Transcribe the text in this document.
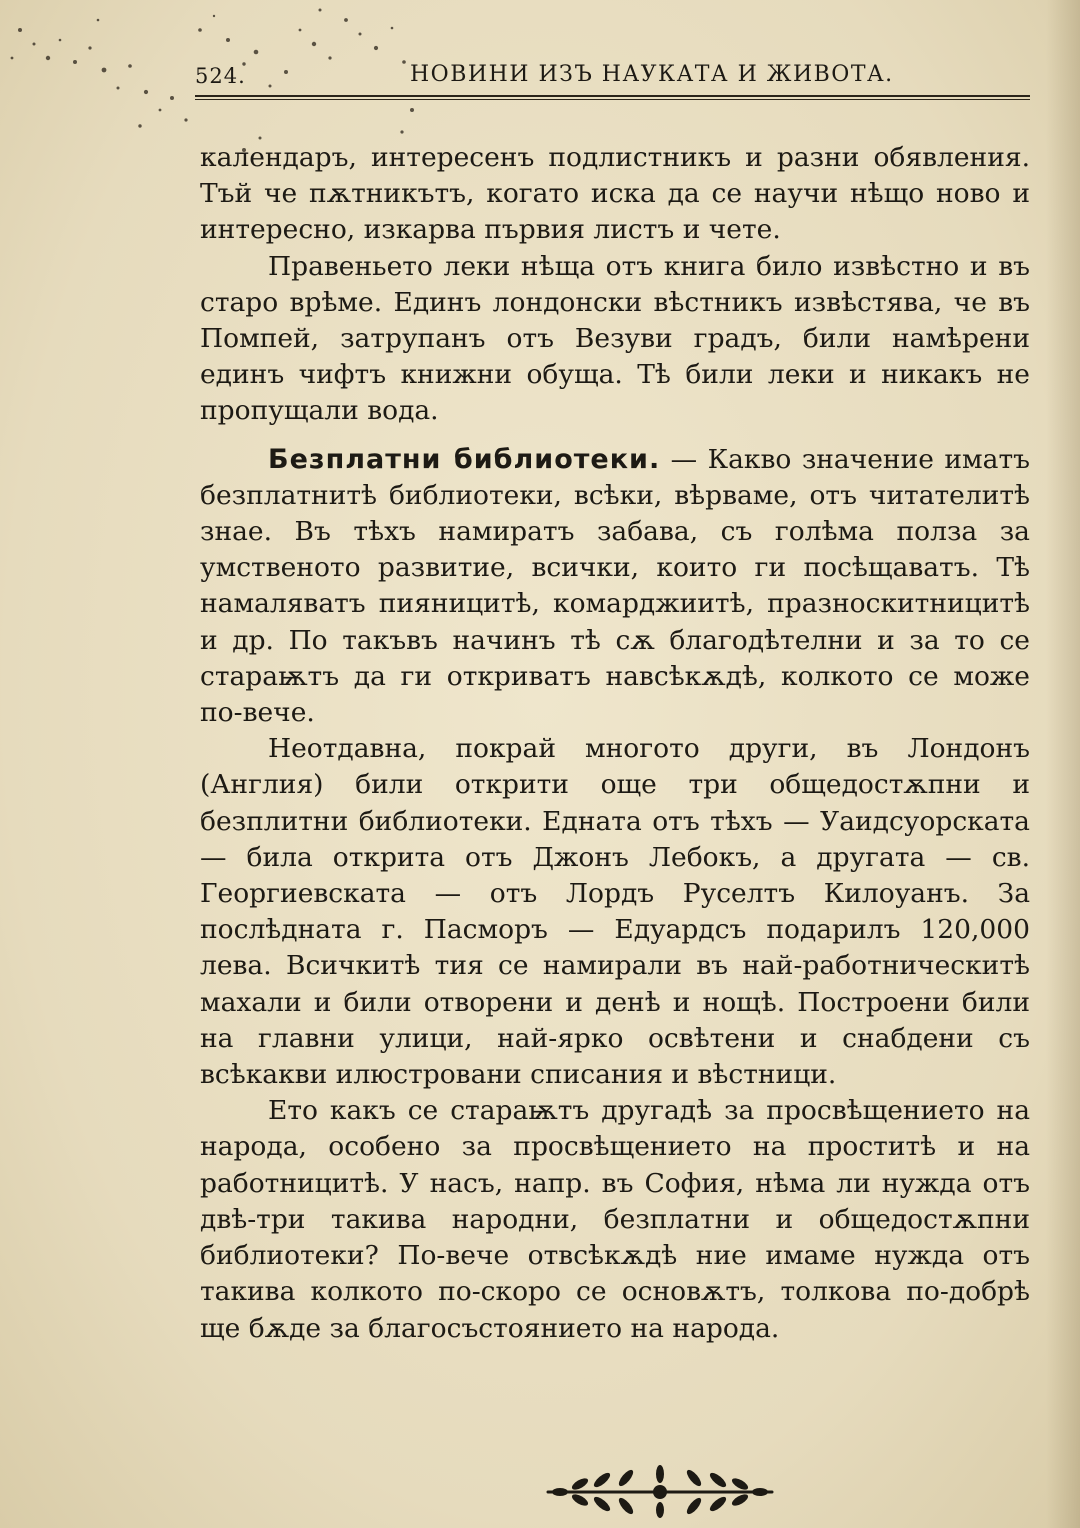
524.	НОВИНИ ИЗЪ НАУКАТА И ЖИВОТА.

календаръ, интересенъ подлистникъ и разни обявления. Тъй че пѫтникътъ, когато иска да се научи нѣщо ново и интересно, изкарва първия листъ и чете.

Правеньето леки нѣща отъ книга било извѣстно и въ старо врѣме. Единъ лондонски вѣстникъ извѣстява, че въ Помпей, затрупанъ отъ Везуви градъ, били намѣрени единъ чифтъ книжни обуща. Тѣ били леки и никакъ не пропущали вода.

Безплатни библиотеки. — Какво значение иматъ безплатнитѣ библиотеки, всѣки, вѣрваме, отъ читателитѣ знае. Въ тѣхъ намиратъ забава, съ голѣма полза за умственото развитие, всички, които ги посѣщаватъ. Тѣ намаляватъ пияницитѣ, комарджиитѣ, празноскитницитѣ и др. По такъвъ начинъ тѣ сѫ благодѣтелни и за то се стараѭтъ да ги откриватъ навсѣкѫдѣ, колкото се може по-вече.

Неотдавна, покрай многото други, въ Лондонъ (Англия) били открити още три общедостѫпни и безплитни библиотеки. Едната отъ тѣхъ — Уаидсуорската — била открита отъ Джонъ Лебокъ, а другата — св. Георгиевската — отъ Лордъ Руселтъ Килоуанъ. За послѣдната г. Пасморъ — Едуардсъ подарилъ 120,000 лева. Всичкитѣ тия се намирали въ най-работническитѣ махали и били отворени и денѣ и нощѣ. Построени били на главни улици, най-ярко освѣтени и снабдени съ всѣкакви илюстровани списания и вѣстници.

Ето какъ се стараѭтъ другадѣ за просвѣщението на народа, особено за просвѣщението на проститѣ и на работницитѣ. У насъ, напр. въ София, нѣма ли нужда отъ двѣ-три такива народни, безплатни и общедостѫпни библиотеки? По-вече отвсѣкѫдѣ ние имаме нужда отъ такива колкото по-скоро се основѫтъ, толкова по-добрѣ ще бѫде за благосъстоянието на народа.
